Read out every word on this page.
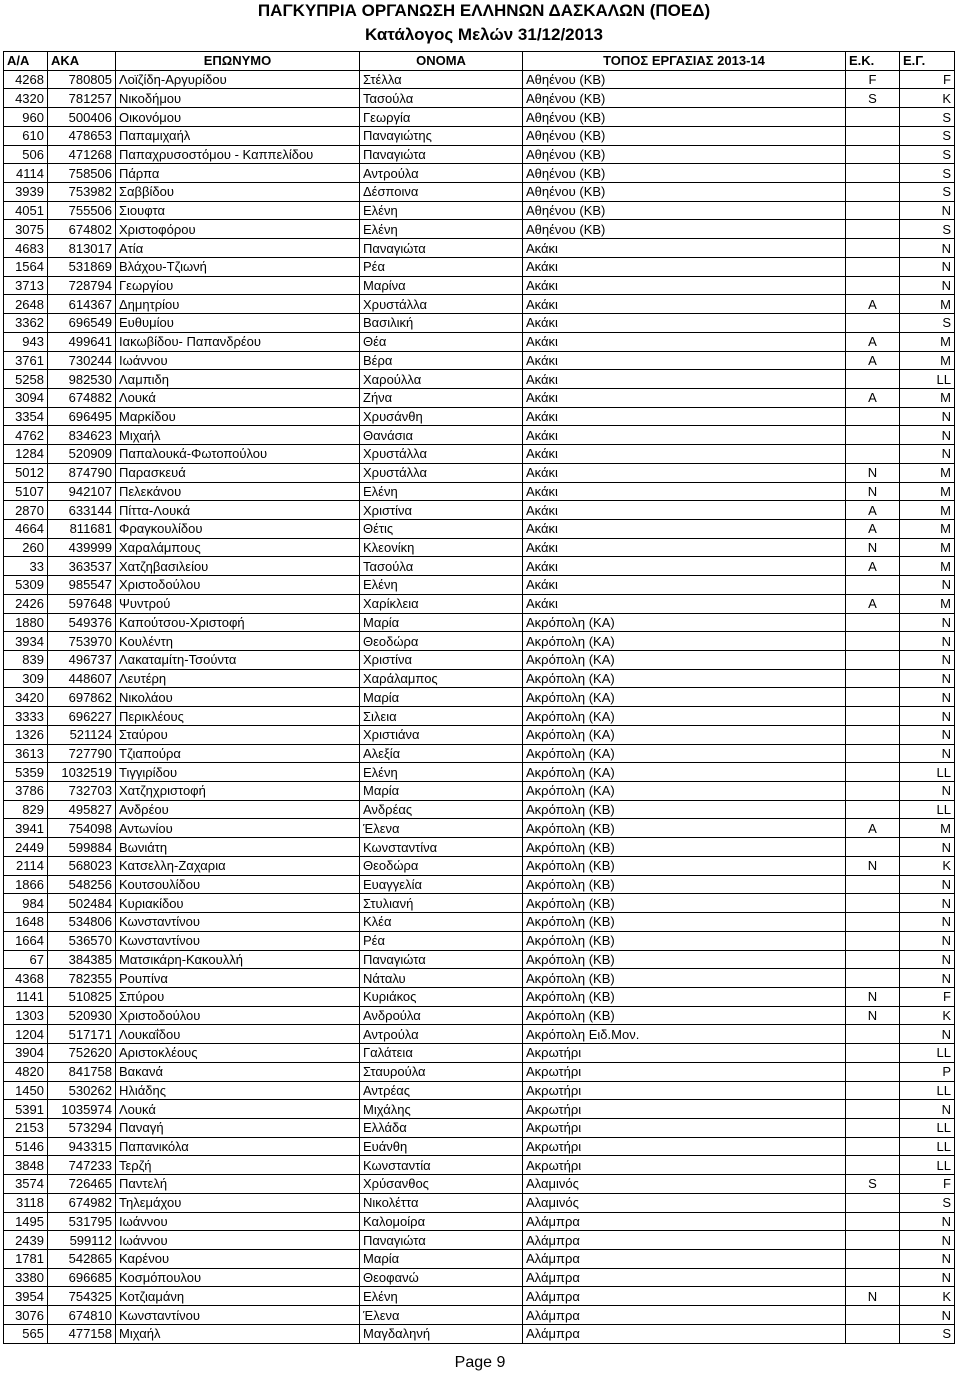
ΠΑΓΚΥΠΡΙΑ ΟΡΓΑΝΩΣΗ ΕΛΛΗΝΩΝ ΔΑΣΚΑΛΩΝ (ΠΟΕΔ)
Κατάλογος Μελών 31/12/2013
Α/Α	ΑΚΑ	ΕΠΩΝΥΜΟ	ΟΝΟΜΑ	ΤΟΠΟΣ ΕΡΓΑΣΙΑΣ 2013-14	Ε.Κ.	Ε.Γ.
4268	780805	Λοϊζίδη-Αργυρίδου	Στέλλα	Αθηένου (ΚΒ)	F	F
4320	781257	Νικοδήμου	Τασούλα	Αθηένου (ΚΒ)	S	K
960	500406	Οικονόμου	Γεωργία	Αθηένου (ΚΒ)		S
610	478653	Παπαμιχαήλ	Παναγιώτης	Αθηένου (ΚΒ)		S
506	471268	Παπαχρυσοστόμου - Καππελίδου	Παναγιώτα	Αθηένου (ΚΒ)		S
4114	758506	Πάρπα	Αντρούλα	Αθηένου (ΚΒ)		S
3939	753982	Σαββίδου	Δέσποινα	Αθηένου (ΚΒ)		S
4051	755506	Σιουφτα	Ελένη	Αθηένου (ΚΒ)		N
3075	674802	Χριστοφόρου	Ελένη	Αθηένου (ΚΒ)		S
4683	813017	Ατία	Παναγιώτα	Ακάκι		N
1564	531869	Βλάχου-Τζιωνή	Ρέα	Ακάκι		N
3713	728794	Γεωργίου	Μαρίνα	Ακάκι		N
2648	614367	Δημητρίου	Χρυστάλλα	Ακάκι	A	M
3362	696549	Ευθυμίου	Βασιλική	Ακάκι		S
943	499641	Ιακωβίδου- Παπανδρέου	Θέα	Ακάκι	A	M
3761	730244	Ιωάννου	Βέρα	Ακάκι	A	M
5258	982530	Λαμπιδη	Χαρούλλα	Ακάκι		LL
3094	674882	Λουκά	Ζήνα	Ακάκι	A	M
3354	696495	Μαρκίδου	Χρυσάνθη	Ακάκι		N
4762	834623	Μιχαήλ	Θανάσια	Ακάκι		N
1284	520909	Παπαλουκά-Φωτοπούλου	Χρυστάλλα	Ακάκι		N
5012	874790	Παρασκευά	Χρυστάλλα	Ακάκι	N	M
5107	942107	Πελεκάνου	Ελένη	Ακάκι	N	M
2870	633144	Πίττα-Λουκά	Χριστίνα	Ακάκι	A	M
4664	811681	Φραγκουλίδου	Θέτις	Ακάκι	A	M
260	439999	Χαραλάμπους	Κλεονίκη	Ακάκι	N	M
33	363537	Χατζηβασιλείου	Τασούλα	Ακάκι	A	M
5309	985547	Χριστοδούλου	Ελένη	Ακάκι		N
2426	597648	Ψυντρού	Χαρίκλεια	Ακάκι	A	M
1880	549376	Καπούτσου-Χριστοφή	Μαρία	Ακρόπολη (ΚΑ)		N
3934	753970	Κουλέντη	Θεοδώρα	Ακρόπολη (ΚΑ)		N
839	496737	Λακαταμίτη-Τσούντα	Χριστίνα	Ακρόπολη (ΚΑ)		N
309	448607	Λευτέρη	Χαράλαμπος	Ακρόπολη (ΚΑ)		N
3420	697862	Νικολάου	Μαρία	Ακρόπολη (ΚΑ)		N
3333	696227	Περικλέους	Σιλεια	Ακρόπολη (ΚΑ)		N
1326	521124	Σταύρου	Χριστιάνα	Ακρόπολη (ΚΑ)		N
3613	727790	Τζιαπούρα	Αλεξία	Ακρόπολη (ΚΑ)		N
5359	1032519	Τιγγιρίδου	Ελένη	Ακρόπολη (ΚΑ)		LL
3786	732703	Χατζηχριστοφή	Μαρία	Ακρόπολη (ΚΑ)		N
829	495827	Ανδρέου	Ανδρέας	Ακρόπολη (ΚΒ)		LL
3941	754098	Αντωνίου	Έλενα	Ακρόπολη (ΚΒ)	A	M
2449	599884	Βωνιάτη	Κωνσταντίνα	Ακρόπολη (ΚΒ)		N
2114	568023	Κατσελλη-Ζαχαρια	Θεοδώρα	Ακρόπολη (ΚΒ)	N	K
1866	548256	Κουτσουλίδου	Ευαγγελία	Ακρόπολη (ΚΒ)		N
984	502484	Κυριακίδου	Στυλιανή	Ακρόπολη (ΚΒ)		N
1648	534806	Κωνσταντίνου	Κλέα	Ακρόπολη (ΚΒ)		N
1664	536570	Κωνσταντίνου	Ρέα	Ακρόπολη (ΚΒ)		N
67	384385	Ματσικάρη-Κακουλλή	Παναγιώτα	Ακρόπολη (ΚΒ)		N
4368	782355	Ρουπίνα	Νάταλυ	Ακρόπολη (ΚΒ)		N
1141	510825	Σπύρου	Κυριάκος	Ακρόπολη (ΚΒ)	N	F
1303	520930	Χριστοδούλου	Ανδρούλα	Ακρόπολη (ΚΒ)	N	K
1204	517171	Λουκαΐδου	Αντρούλα	Ακρόπολη Ειδ.Μον.		N
3904	752620	Αριστοκλέους	Γαλάτεια	Ακρωτήρι		LL
4820	841758	Βακανά	Σταυρούλα	Ακρωτήρι		P
1450	530262	Ηλιάδης	Αντρέας	Ακρωτήρι		LL
5391	1035974	Λουκά	Μιχάλης	Ακρωτήρι		N
2153	573294	Παναγή	Ελλάδα	Ακρωτήρι		LL
5146	943315	Παπανικόλα	Ευάνθη	Ακρωτήρι		LL
3848	747233	Τερζή	Κωνσταντία	Ακρωτήρι		LL
3574	726465	Παντελή	Χρύσανθος	Αλαμινός	S	F
3118	674982	Τηλεμάχου	Νικολέττα	Αλαμινός		S
1495	531795	Ιωάννου	Καλομοίρα	Αλάμπρα		N
2439	599112	Ιωάννου	Παναγιώτα	Αλάμπρα		N
1781	542865	Καρένου	Μαρία	Αλάμπρα		N
3380	696685	Κοσμόπουλου	Θεοφανώ	Αλάμπρα		N
3954	754325	Κοτζιαμάνη	Ελένη	Αλάμπρα	N	K
3076	674810	Κωνσταντίνου	Έλενα	Αλάμπρα		N
565	477158	Μιχαήλ	Μαγδαληνή	Αλάμπρα		S
Page 9
